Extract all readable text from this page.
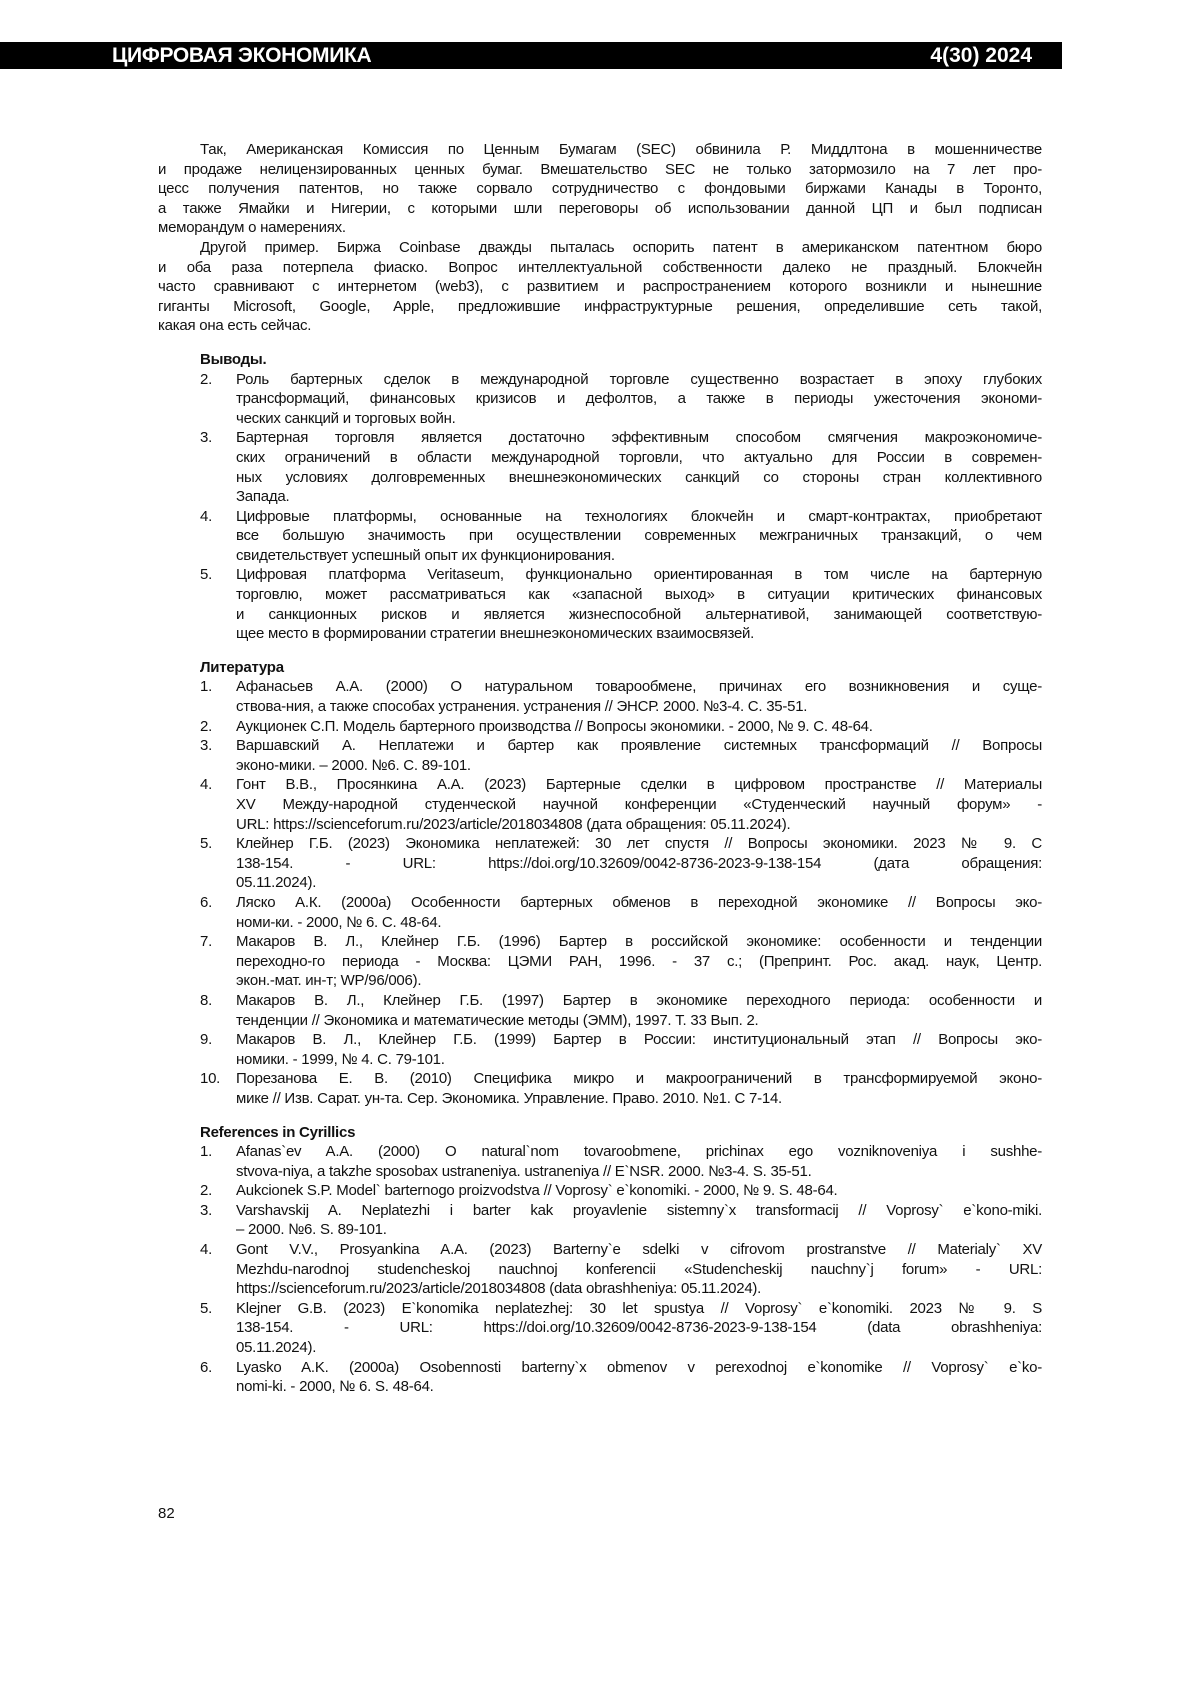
ЦИФРОВАЯ ЭКОНОМИКА	4(30) 2024
Так, Американская Комиссия по Ценным Бумагам (SEC) обвинила Р. Миддлтона в мошенничестве
и продаже нелицензированных ценных бумаг. Вмешательство SEC не только затормозило на 7 лет про-
цесс получения патентов, но также сорвало сотрудничество с фондовыми биржами Канады в Торонто,
а также Ямайки и Нигерии, с которыми шли переговоры об использовании данной ЦП и был подписан
меморандум о намерениях.
Другой пример. Биржа Coinbase дважды пыталась оспорить патент в американском патентном бюро
и оба раза потерпела фиаско. Вопрос интеллектуальной собственности далеко не праздный. Блокчейн
часто сравнивают с интернетом (web3), с развитием и распространением которого возникли и нынешние
гиганты Microsoft, Google, Apple, предложившие инфраструктурные решения, определившие сеть такой,
какая она есть сейчас.
Выводы.
2.	Роль бартерных сделок в международной торговле существенно возрастает в эпоху глубоких
трансформаций, финансовых кризисов и дефолтов, а также в периоды ужесточения экономи-
ческих санкций и торговых войн.
3.	Бартерная торговля является достаточно эффективным способом смягчения макроэкономиче-
ских ограничений в области международной торговли, что актуально для России в современ-
ных условиях долговременных внешнеэкономических санкций со стороны стран коллективного
Запада.
4.	Цифровые платформы, основанные на технологиях блокчейн и смарт-контрактах, приобретают
все большую значимость при осуществлении современных межграничных транзакций, о чем
свидетельствует успешный опыт их функционирования.
5.	Цифровая платформа Veritaseum, функционально ориентированная в том числе на бартерную
торговлю, может рассматриваться как «запасной выход» в ситуации критических финансовых
и санкционных рисков и является жизнеспособной альтернативой, занимающей соответствую-
щее место в формировании стратегии внешнеэкономических взаимосвязей.
Литература
1.	Афанасьев А.А. (2000) О натуральном товарообмене, причинах его возникновения и суще-
ствова-ния, а также способах устранения. устранения // ЭНСР. 2000. №3-4. С. 35-51.
2.	Аукционек С.П. Модель бартерного производства // Вопросы экономики. - 2000, № 9. С. 48-64.
3.	Варшавский А. Неплатежи и бартер как проявление системных трансформаций // Вопросы
эконо-мики. – 2000. №6. С. 89-101.
4.	Гонт В.В., Просянкина А.А. (2023) Бартерные сделки в цифровом пространстве // Материалы
XV Между-народной студенческой научной конференции «Студенческий научный форум» -
URL: https://scienceforum.ru/2023/article/2018034808 (дата обращения: 05.11.2024).
5.	Клейнер Г.Б. (2023) Экономика неплатежей: 30 лет спустя // Вопросы экономики. 2023 № 9. С
138-154. - URL: https://doi.org/10.32609/0042-8736-2023-9-138-154 (дата обращения:
05.11.2024).
6.	Ляско А.К. (2000а) Особенности бартерных обменов в переходной экономике // Вопросы эко-
номи-ки. - 2000, № 6. С. 48-64.
7.	Макаров В. Л., Клейнер Г.Б. (1996) Бартер в российской экономике: особенности и тенденции
переходно-го периода - Москва: ЦЭМИ РАН, 1996. - 37 с.; (Препринт. Рос. акад. наук, Центр.
экон.-мат. ин-т; WP/96/006).
8.	Макаров В. Л., Клейнер Г.Б. (1997) Бартер в экономике переходного периода: особенности и
тенденции // Экономика и математические методы (ЭММ), 1997. Т. 33 Вып. 2.
9.	Макаров В. Л., Клейнер Г.Б. (1999) Бартер в России: институциональный этап // Вопросы эко-
номики. - 1999, № 4. С. 79-101.
10.	Порезанова Е. В. (2010) Специфика микро и макроограничений в трансформируемой эконо-
мике // Изв. Сарат. ун-та. Сер. Экономика. Управление. Право. 2010. №1. С 7-14.
References in Cyrillics
1.	Afanas`ev A.A. (2000) O natural`nom tovaroobmene, prichinax ego vozniknoveniya i sushhe-
stvova-niya, a takzhe sposobax ustraneniya. ustraneniya // E`NSR. 2000. №3-4. S. 35-51.
2.	Aukcionek S.P. Model` barternogo proizvodstva // Voprosy` e`konomiki. - 2000, № 9. S. 48-64.
3.	Varshavskij A. Neplatezhi i barter kak proyavlenie sistemny`x transformacij // Voprosy` e`kono-miki.
– 2000. №6. S. 89-101.
4.	Gont V.V., Prosyankina A.A. (2023) Barterny`e sdelki v cifrovom prostranstve // Materialy` XV
Mezhdu-narodnoj studencheskoj nauchnoj konferencii «Studencheskij nauchny`j forum» - URL:
https://scienceforum.ru/2023/article/2018034808 (data obrashheniya: 05.11.2024).
5.	Klejner G.B. (2023) E`konomika neplatezhej: 30 let spustya // Voprosy` e`konomiki. 2023 № 9. S
138-154. - URL: https://doi.org/10.32609/0042-8736-2023-9-138-154 (data obrashheniya:
05.11.2024).
6.	Lyasko A.K. (2000a) Osobennosti barterny`x obmenov v perexodnoj e`konomike // Voprosy` e`ko-
nomi-ki. - 2000, № 6. S. 48-64.
82
